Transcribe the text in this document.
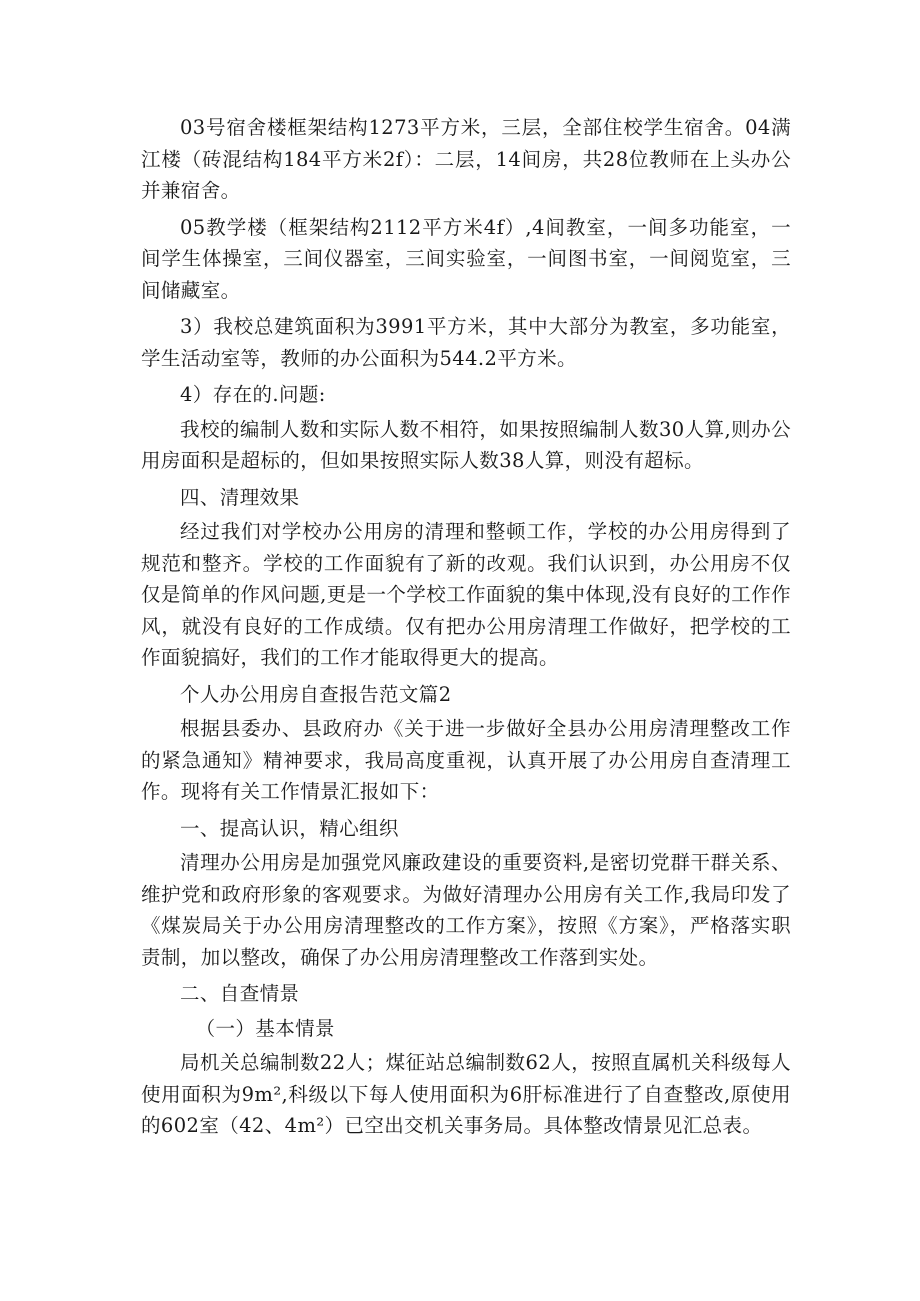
03号宿舍楼框架结构1273平方米，三层，全部住校学生宿舍。04满江楼（砖混结构184平方米2f）：二层，14间房，共28位教师在上头办公并兼宿舍。

05教学楼（框架结构2112平方米4f）,4间教室，一间多功能室，一间学生体操室，三间仪器室，三间实验室，一间图书室，一间阅览室，三间储藏室。

3）我校总建筑面积为3991平方米，其中大部分为教室，多功能室，学生活动室等，教师的办公面积为544.2平方米。

4）存在的.问题:

我校的编制人数和实际人数不相符，如果按照编制人数30人算,则办公用房面积是超标的，但如果按照实际人数38人算，则没有超标。

四、清理效果

经过我们对学校办公用房的清理和整顿工作，学校的办公用房得到了规范和整齐。学校的工作面貌有了新的改观。我们认识到，办公用房不仅仅是简单的作风问题,更是一个学校工作面貌的集中体现,没有良好的工作作风，就没有良好的工作成绩。仅有把办公用房清理工作做好，把学校的工作面貌搞好，我们的工作才能取得更大的提高。

个人办公用房自查报告范文篇2

根据县委办、县政府办《关于进一步做好全县办公用房清理整改工作的紧急通知》精神要求，我局高度重视，认真开展了办公用房自查清理工作。现将有关工作情景汇报如下：

一、提高认识，精心组织

清理办公用房是加强党风廉政建设的重要资料,是密切党群干群关系、维护党和政府形象的客观要求。为做好清理办公用房有关工作,我局印发了《煤炭局关于办公用房清理整改的工作方案》，按照《方案》，严格落实职责制，加以整改，确保了办公用房清理整改工作落到实处。

二、自查情景

（一）基本情景

局机关总编制数22人；煤征站总编制数62人，按照直属机关科级每人使用面积为9m²,科级以下每人使用面积为6肝标准进行了自查整改,原使用的602室（42、4m²）已空出交机关事务局。具体整改情景见汇总表。
